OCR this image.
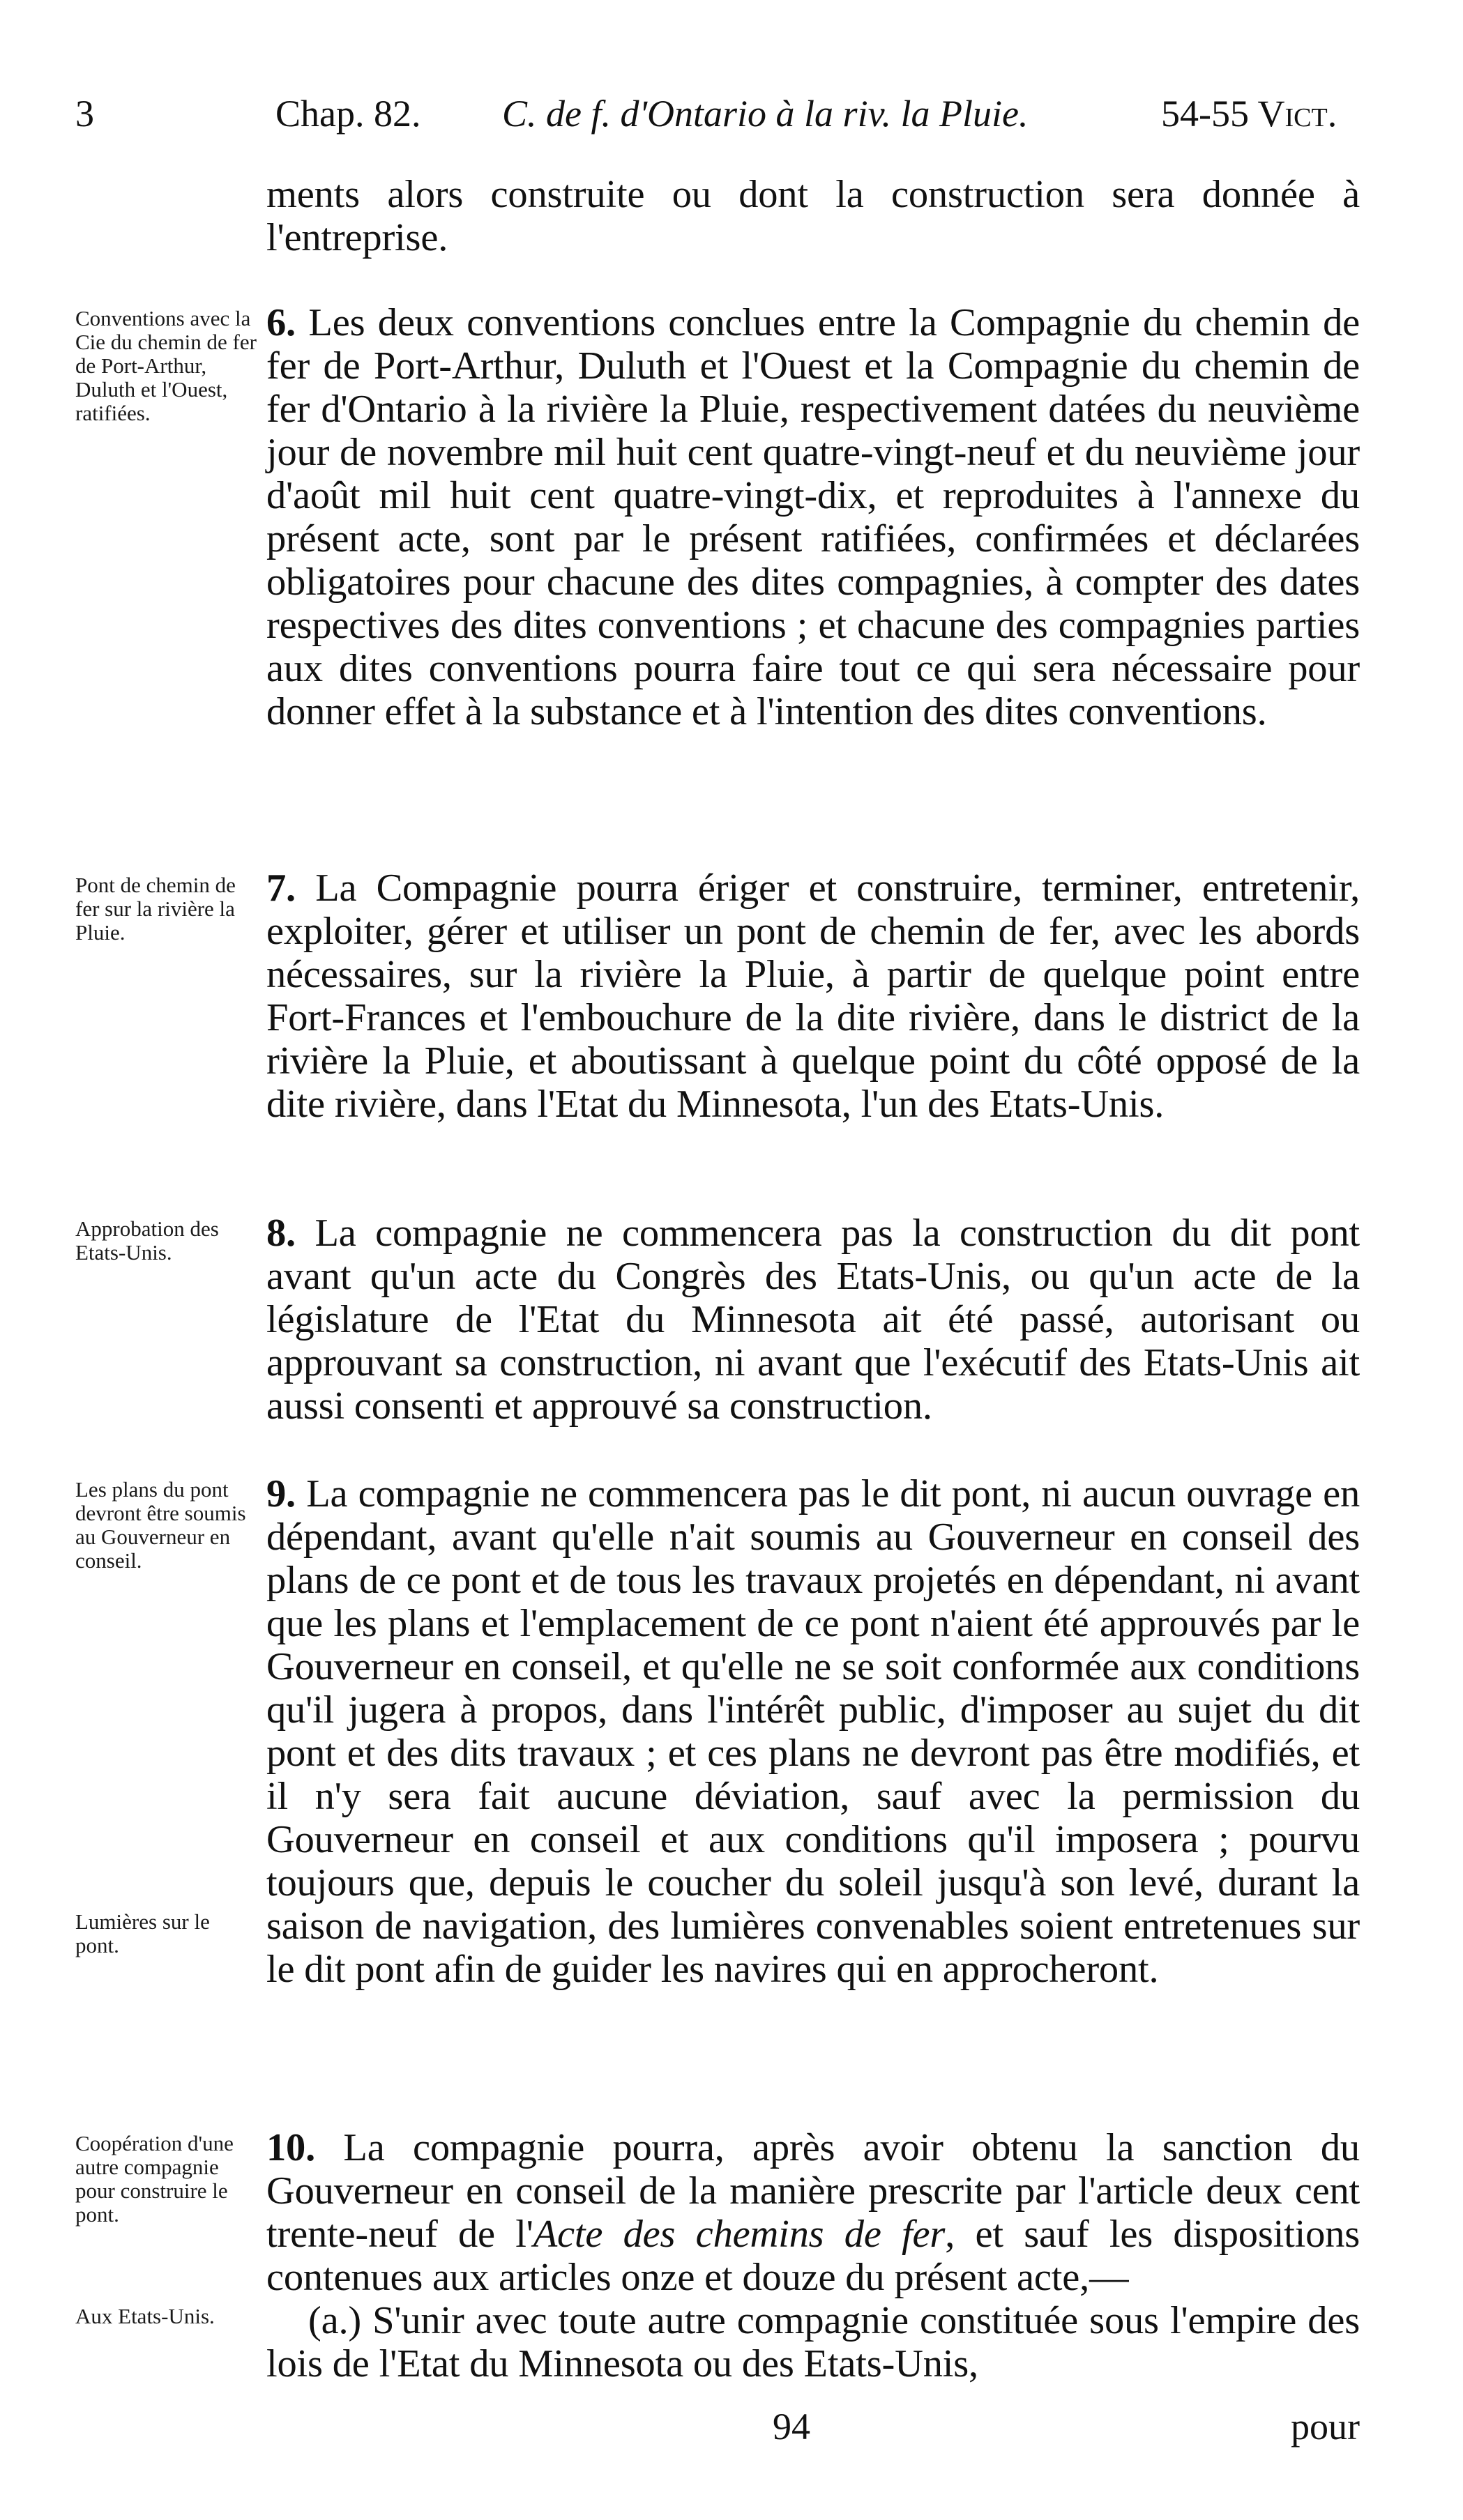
3	Chap. 82. C. de f. d'Ontario à la riv. la Pluie.	54-55 Vict.

ments alors construite ou dont la construction sera donnée à l'entreprise.

6. Les deux conventions conclues entre la Compagnie du chemin de fer de Port-Arthur, Duluth et l'Ouest et la Compagnie du chemin de fer d'Ontario à la rivière la Pluie, respectivement datées du neuvième jour de novembre mil huit cent quatre-vingt-neuf et du neuvième jour d'août mil huit cent quatre-vingt-dix, et reproduites à l'annexe du présent acte, sont par le présent ratifiées, confirmées et déclarées obligatoires pour chacune des dites compagnies, à compter des dates respectives des dites conventions ; et chacune des compagnies parties aux dites conventions pourra faire tout ce qui sera nécessaire pour donner effet à la substance et à l'intention des dites conventions.

7. La Compagnie pourra ériger et construire, terminer, entretenir, exploiter, gérer et utiliser un pont de chemin de fer, avec les abords nécessaires, sur la rivière la Pluie, à partir de quelque point entre Fort-Frances et l'embouchure de la dite rivière, dans le district de la rivière la Pluie, et aboutissant à quelque point du côté opposé de la dite rivière, dans l'Etat du Minnesota, l'un des Etats-Unis.

8. La compagnie ne commencera pas la construction du dit pont avant qu'un acte du Congrès des Etats-Unis, ou qu'un acte de la législature de l'Etat du Minnesota ait été passé, autorisant ou approuvant sa construction, ni avant que l'exécutif des Etats-Unis ait aussi consenti et approuvé sa construction.

9. La compagnie ne commencera pas le dit pont, ni aucun ouvrage en dépendant, avant qu'elle n'ait soumis au Gouverneur en conseil des plans de ce pont et de tous les travaux projetés en dépendant, ni avant que les plans et l'emplacement de ce pont n'aient été approuvés par le Gouverneur en conseil, et qu'elle ne se soit conformée aux conditions qu'il jugera à propos, dans l'intérêt public, d'imposer au sujet du dit pont et des dits travaux ; et ces plans ne devront pas être modifiés, et il n'y sera fait aucune déviation, sauf avec la permission du Gouverneur en conseil et aux conditions qu'il imposera ; pourvu toujours que, depuis le coucher du soleil jusqu'à son levé, durant la saison de navigation, des lumières convenables soient entretenues sur le dit pont afin de guider les navires qui en approcheront.

10. La compagnie pourra, après avoir obtenu la sanction du Gouverneur en conseil de la manière prescrite par l'article deux cent trente-neuf de l'Acte des chemins de fer, et sauf les dispositions contenues aux articles onze et douze du présent acte,—

(a.) S'unir avec toute autre compagnie constituée sous l'empire des lois de l'Etat du Minnesota ou des Etats-Unis,

Conventions avec la Cie du chemin de fer de Port-Arthur, Duluth et l'Ouest, ratifiées.

Pont de chemin de fer sur la rivière la Pluie.

Approbation des Etats-Unis.

Les plans du pont devront être soumis au Gouverneur en conseil.

Lumières sur le pont.

Coopération d'une autre compagnie pour construire le pont.

Aux Etats-Unis.

94	pour
